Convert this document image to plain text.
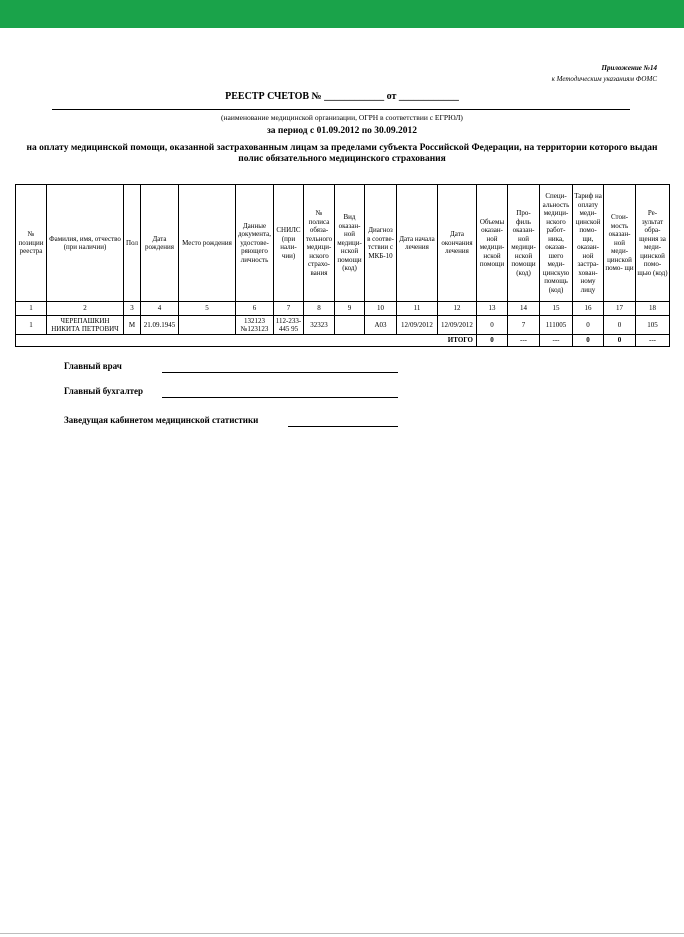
Приложение №14
к Методическим указаниям ФОМС
РЕЕСТР СЧЕТОВ № ____________ от ____________
(наименование медицинской организации, ОГРН в соответствии с ЕГРЮЛ)
за период с 01.09.2012 по 30.09.2012
на оплату медицинской помощи, оказанной застрахованным лицам за пределами субъекта Российской Федерации, на территории которого выдан полис обязательного медицинского страхования
№ позиции реестра	Фамилия, имя, отчество (при наличии)	Пол	Дата рождения	Место рождения	Данные документа, удостове- ряющего личность	СНИЛС (при нали- чии)	№ полиса обяза- тельного медици- нского страхо- вания	Вид оказан- ной медици- нской помощи (код)	Диагноз в соотве- тствии с МКБ-10	Дата начала лечения	Дата окончания лечения	Объемы оказан- ной медици- нской помощи	Про- филь оказан- ной медици- нской помощи (код)	Специ- альность медици- нского работ- ника, оказав- шего меди- цинскую помощь (код)	Тариф на оплату меди- цинской помо- щи, оказан- ной застра- хован- ному лицу	Стои- мость оказан- ной меди- цинской помо- щи	Ре- зультат обра- щения за меди- цинской помо- щью (код)
1	2	3	4	5	6	7	8	9	10	11	12	13	14	15	16	17	18
1	ЧЕРЕПАШКИН НИКИТА ПЕТРОВИЧ	М	21.09.1945		132123 №123123	112-233-445 95	32323		A03	12/09/2012	12/09/2012	0	7	111005	0	0	105
ИТОГО												0	---	---	0	0	---
Главный врач
Главный бухгалтер
Заведущая кабинетом медицинской статистики
